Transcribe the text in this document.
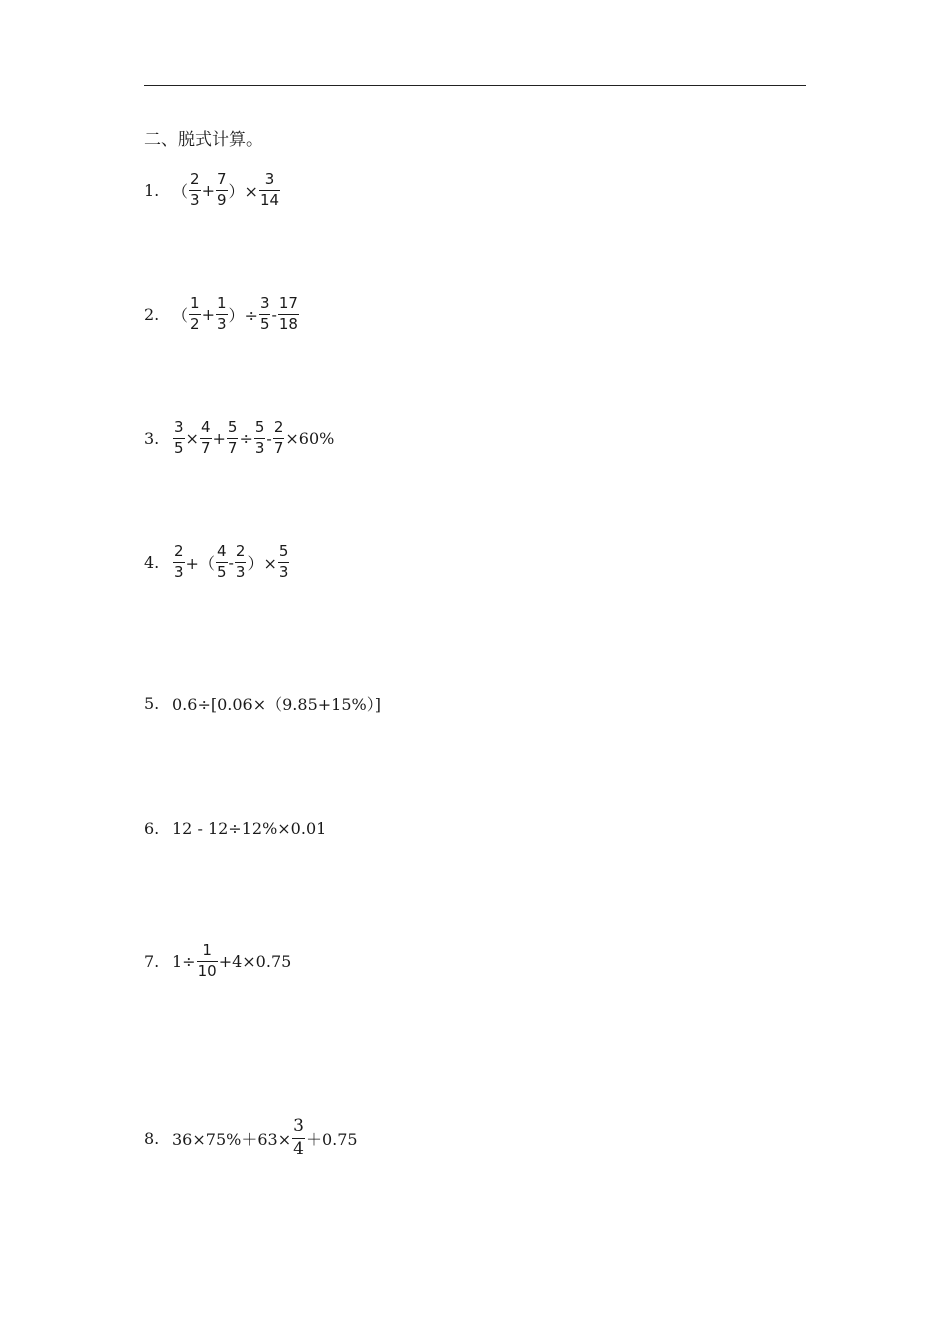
二、脱式计算。
1. （ $\frac{2}{3} + \frac{7}{9}$ ）× $\frac{3}{14}$
2. （ $\frac{1}{2} + \frac{1}{3}$ ）÷ $\frac{3}{5} - \frac{17}{18}$
3. $\frac{3}{5} \times \frac{4}{7} + \frac{5}{7} \div \frac{5}{3} - \frac{2}{7} \times 60\%$
4. $\frac{2}{3}$ +（ $\frac{4}{5} - \frac{2}{3}$ ）× $\frac{5}{3}$
5. 0.6÷[0.06×（9.85+15%）]
6. 12 - 12÷12%×0.01
7. $1\div \frac{1}{10} +4\times 0.75$
8. $36\times 75\%+63\times \frac{3}{4} +0.75$
